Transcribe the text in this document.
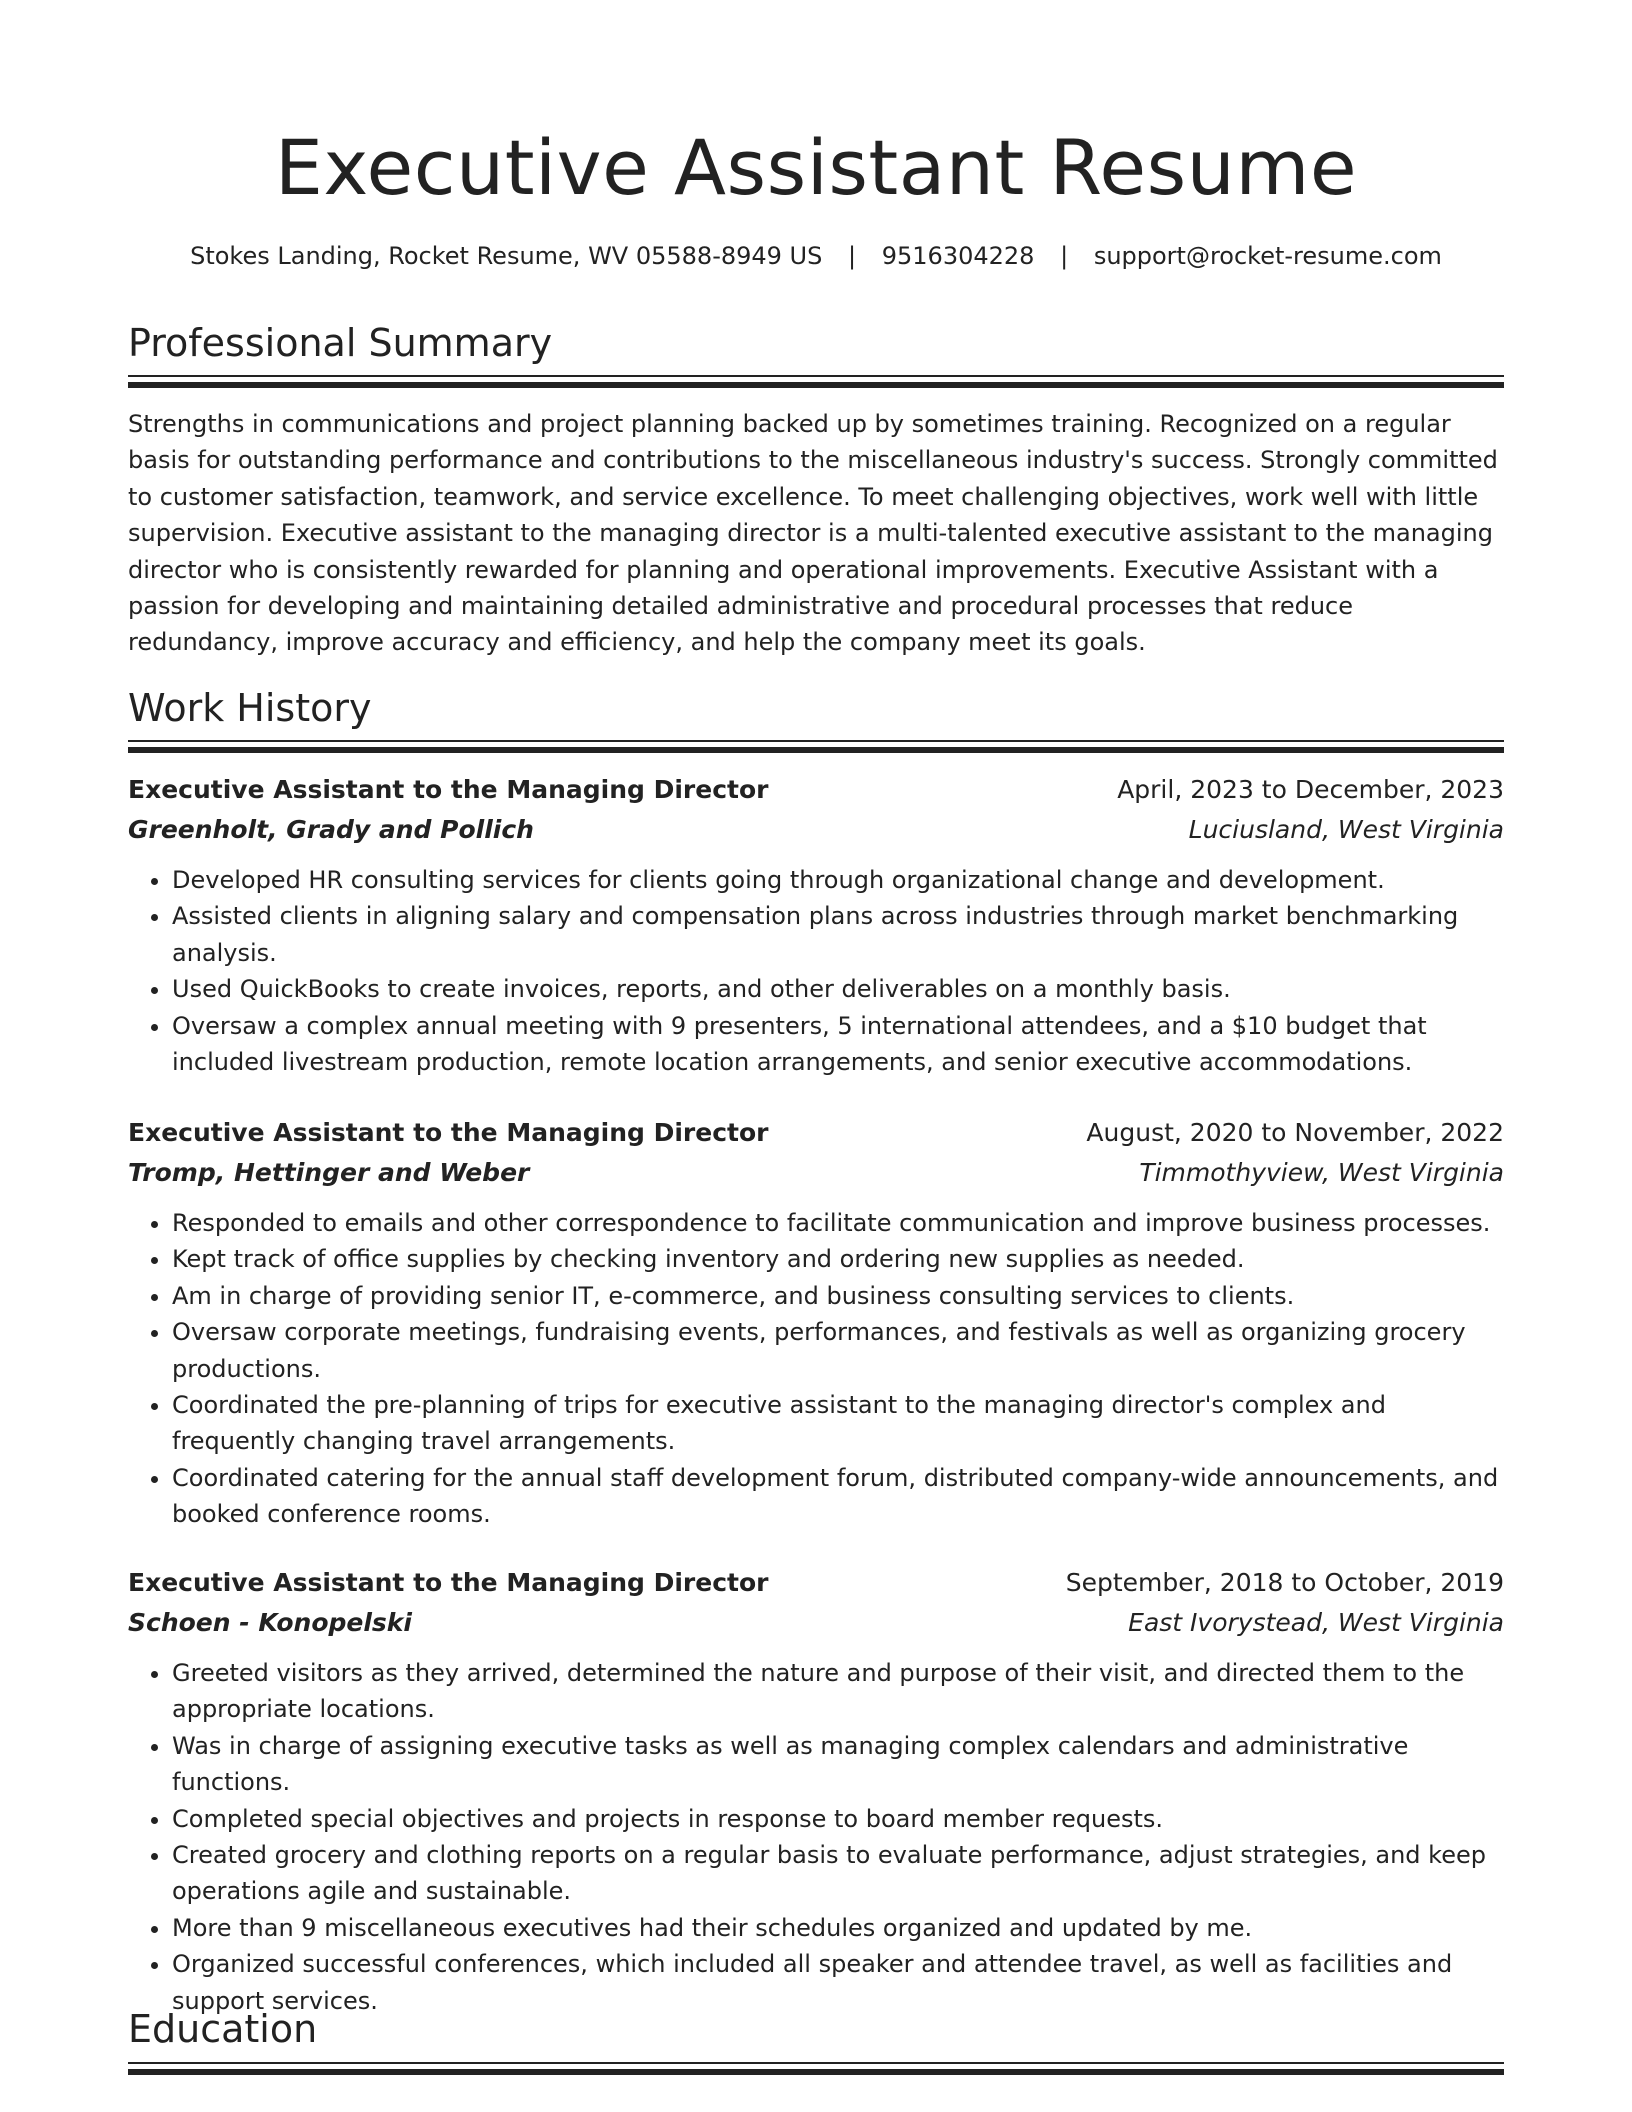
Executive Assistant Resume
Stokes Landing, Rocket Resume, WV 05588-8949 US | 9516304228 | support@rocket-resume.com
Professional Summary

Strengths in communications and project planning backed up by sometimes training. Recognized on a regular basis for outstanding performance and contributions to the miscellaneous industry's success. Strongly committed to customer satisfaction, teamwork, and service excellence. To meet challenging objectives, work well with little supervision. Executive assistant to the managing director is a multi-talented executive assistant to the managing director who is consistently rewarded for planning and operational improvements. Executive Assistant with a passion for developing and maintaining detailed administrative and procedural processes that reduce redundancy, improve accuracy and efficiency, and help the company meet its goals.

Work History
Executive Assistant to the Managing Director	April, 2023 to December, 2023
Greenholt, Grady and Pollich	Luciusland, West Virginia
• Developed HR consulting services for clients going through organizational change and development.
• Assisted clients in aligning salary and compensation plans across industries through market benchmarking analysis.
• Used QuickBooks to create invoices, reports, and other deliverables on a monthly basis.
• Oversaw a complex annual meeting with 9 presenters, 5 international attendees, and a $10 budget that included livestream production, remote location arrangements, and senior executive accommodations.
Executive Assistant to the Managing Director	August, 2020 to November, 2022
Tromp, Hettinger and Weber	Timmothyview, West Virginia
• Responded to emails and other correspondence to facilitate communication and improve business processes.
• Kept track of office supplies by checking inventory and ordering new supplies as needed.
• Am in charge of providing senior IT, e-commerce, and business consulting services to clients.
• Oversaw corporate meetings, fundraising events, performances, and festivals as well as organizing grocery productions.
• Coordinated the pre-planning of trips for executive assistant to the managing director's complex and frequently changing travel arrangements.
• Coordinated catering for the annual staff development forum, distributed company-wide announcements, and booked conference rooms.
Executive Assistant to the Managing Director	September, 2018 to October, 2019
Schoen - Konopelski	East Ivorystead, West Virginia
• Greeted visitors as they arrived, determined the nature and purpose of their visit, and directed them to the appropriate locations.
• Was in charge of assigning executive tasks as well as managing complex calendars and administrative functions.
• Completed special objectives and projects in response to board member requests.
• Created grocery and clothing reports on a regular basis to evaluate performance, adjust strategies, and keep operations agile and sustainable.
• More than 9 miscellaneous executives had their schedules organized and updated by me.
• Organized successful conferences, which included all speaker and attendee travel, as well as facilities and support services.
Education
